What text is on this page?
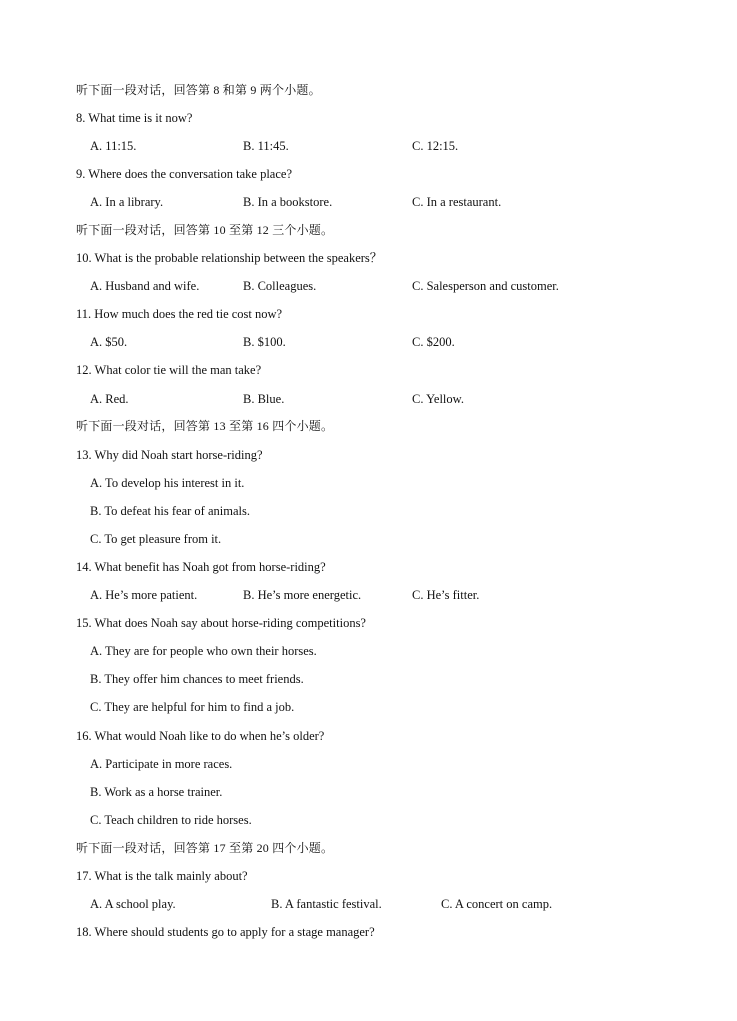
听下面一段对话，回答第 8 和第 9 两个小题。
8. What time is it now?
A. 11:15.	B. 11:45.	C. 12:15.
9. Where does the conversation take place?
A. In a library.	B. In a bookstore.	C. In a restaurant.
听下面一段对话，回答第 10 至第 12 三个小题。
10. What is the probable relationship between the speakers？
A. Husband and wife.	B. Colleagues.	C. Salesperson and customer.
11. How much does the red tie cost now?
A. $50.	B. $100.	C. $200.
12. What color tie will the man take?
A. Red.	B. Blue.	C. Yellow.
听下面一段对话，回答第 13 至第 16 四个小题。
13. Why did Noah start horse-riding?
A. To develop his interest in it.
B. To defeat his fear of animals.
C. To get pleasure from it.
14. What benefit has Noah got from horse-riding?
A. He’s more patient.	B. He’s more energetic.	C. He’s fitter.
15. What does Noah say about horse-riding competitions?
A. They are for people who own their horses.
B. They offer him chances to meet friends.
C. They are helpful for him to find a job.
16. What would Noah like to do when he’s older?
A. Participate in more races.
B. Work as a horse trainer.
C. Teach children to ride horses.
听下面一段对话，回答第 17 至第 20 四个小题。
17. What is the talk mainly about?
A. A school play.	B. A fantastic festival.	C. A concert on camp.
18. Where should students go to apply for a stage manager?
